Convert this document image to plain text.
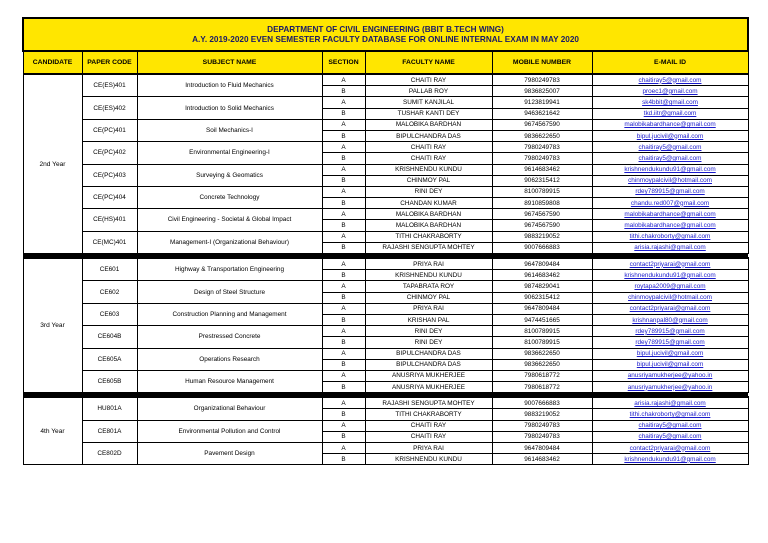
DEPARTMENT OF CIVIL ENGINEERING (BBIT B.TECH WING)
A.Y. 2019-2020 EVEN SEMESTER FACULTY DATABASE FOR ONLINE INTERNAL EXAM IN MAY 2020						

CANDIDATE	PAPER CODE	SUBJECT NAME	SECTION	FACULTY NAME	MOBILE NUMBER	E-MAIL ID
2nd Year	CE(ES)401	Introduction to Fluid Mechanics	A	CHAITI RAY	7980249783	chaitiray5@gmail.com
			B	PALLAB ROY	9836825007	proec1@gmail.com
	CE(ES)402	Introduction to Solid Mechanics	A	SUMIT KANJILAL	9123819941	sk4bbit@gmail.com
			B	TUSHAR KANTI DEY	9463621642	tkd.iitr@gmail.com
	CE(PC)401	Soil Mechanics-I	A	MALOBIKA BARDHAN	9674567590	malobikabardhance@gmail.com
			B	BIPULCHANDRA DAS	9836622650	bipul.jucivil@gmail.com
	CE(PC)402	Environmental Engineering-I	A	CHAITI RAY	7980249783	chaitiray5@gmail.com
			B	CHAITI RAY	7980249783	chaitiray5@gmail.com
	CE(PC)403	Surveying & Geomatics	A	KRISHNENDU KUNDU	9614683462	krishnendukundu91@gmail.com
			B	CHINMOY PAL	9062315412	chinmoypalcivil@hotmail.com
	CE(PC)404	Concrete Technology	A	RINI DEY	8100789915	rdey789915@gmail.com
			B	CHANDAN KUMAR	8910859808	chandu.red007@gmail.com
	CE(HS)401	Civil Engineering - Societal & Global Impact	A	MALOBIKA BARDHAN	9674567590	malobikabardhance@gmail.com
			B	MALOBIKA BARDHAN	9674567590	malobikabardhance@gmail.com
	CE(MC)401	Management-I (Organizational Behaviour)	A	TITHI CHAKRABORTY	9883219052	tithi.chakroborty@gmail.com
			B	RAJASHI SENGUPTA MOHTEY	9007666883	arisia.rajashi@gmail.com

3rd Year	CE601	Highway & Transportation Engineering	A	PRIYA RAI	9647809484	contact2priyarai@gmail.com
			B	KRISHNENDU KUNDU	9614683462	krishnendukundu91@gmail.com
	CE602	Design of Steel Structure	A	TAPABRATA ROY	9874829041	roytapa2009@gmail.com
			B	CHINMOY PAL	9062315412	chinmoypalcivil@hotmail.com
	CE603	Construction Planning and Management	A	PRIYA RAI	9647809484	contact2priyarai@gmail.com
			B	KRISHAN PAL	9474451665	krishnanpal80@gmail.com
	CE604B	Prestressed Concrete	A	RINI DEY	8100789915	rdey789915@gmail.com
			B	RINI DEY	8100789915	rdey789915@gmail.com
	CE605A	Operations Research	A	BIPULCHANDRA DAS	9836622650	bipul.jucivil@gmail.com
			B	BIPULCHANDRA DAS	9836622650	bipul.jucivil@gmail.com
	CE605B	Human Resource Management	A	ANUSRIYA MUKHERJEE	7980618772	anusriyamukherjee@yahoo.in
			B	ANUSRIYA MUKHERJEE	7980618772	anusriyamukherjee@yahoo.in

4th Year	HU801A	Organizational Behaviour	A	RAJASHI SENGUPTA MOHTEY	9007666883	arisia.rajashi@gmail.com
			B	TITHI CHAKRABORTY	9883219052	tithi.chakroborty@gmail.com
	CE801A	Environmental Pollution and Control	A	CHAITI RAY	7980249783	chaitiray5@gmail.com
			B	CHAITI RAY	7980249783	chaitiray5@gmail.com
	CE802D	Pavement Design	A	PRIYA RAI	9647809484	contact2priyarai@gmail.com
			B	KRISHNENDU KUNDU	9614683462	krishnendukundu91@gmail.com
